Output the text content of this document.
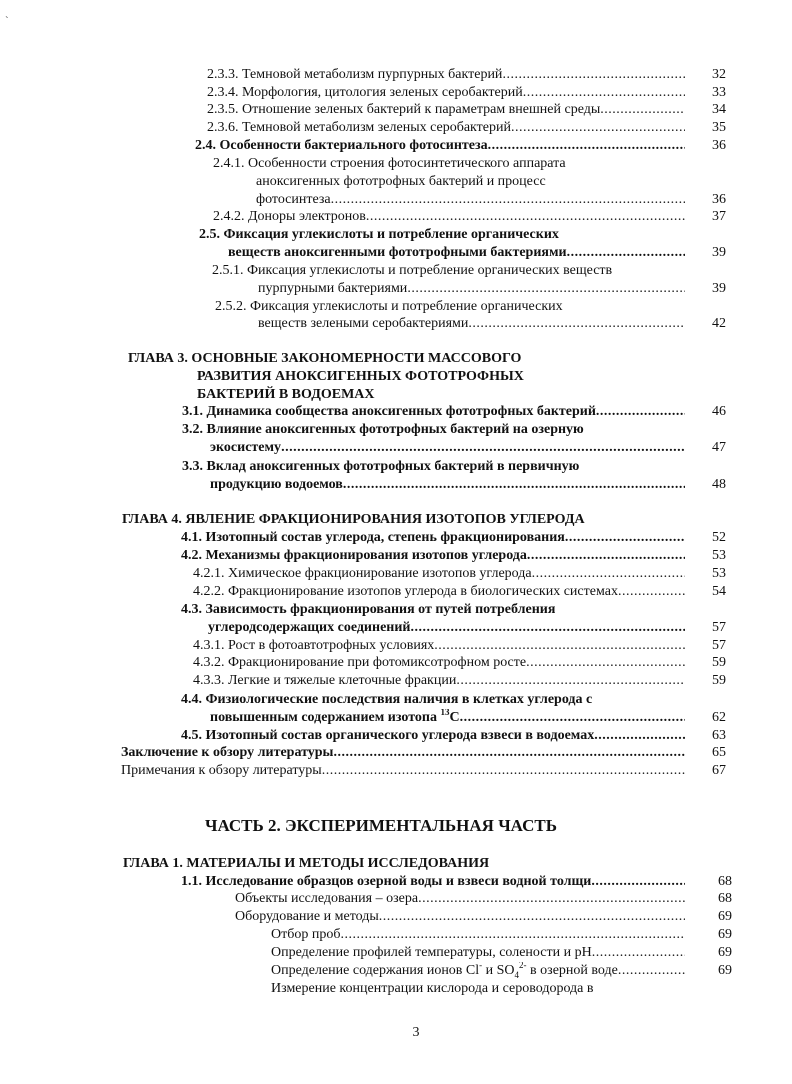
`
2.3.3. Темновой метаболизм пурпурных бактерий .....	32
2.3.4. Морфология, цитология зеленых серобактерий .....	33
2.3.5. Отношение зеленых бактерий к параметрам внешней среды .....	34
2.3.6. Темновой метаболизм зеленых серобактерий .....	35
2.4. Особенности бактериального фотосинтеза .....	36
2.4.1. Особенности строения фотосинтетического аппарата
аноксигенных фототрофных бактерий и процесс
фотосинтеза .....	36
2.4.2. Доноры электронов .....	37
2.5. Фиксация углекислоты и потребление органических
веществ аноксигенными фототрофными бактериями .....	39
2.5.1. Фиксация углекислоты и потребление органических веществ
пурпурными бактериями .....	39
2.5.2. Фиксация углекислоты и потребление органических
веществ зелеными серобактериями .....	42
ГЛАВА 3. ОСНОВНЫЕ ЗАКОНОМЕРНОСТИ МАССОВОГО
РАЗВИТИЯ АНОКСИГЕННЫХ ФОТОТРОФНЫХ
БАКТЕРИЙ В ВОДОЕМАХ
3.1. Динамика сообщества аноксигенных фототрофных бактерий .....	46
3.2. Влияние аноксигенных фототрофных бактерий на озерную
экосистему .....	47
3.3. Вклад аноксигенных фототрофных бактерий в первичную
продукцию водоемов .....	48
ГЛАВА 4. ЯВЛЕНИЕ ФРАКЦИОНИРОВАНИЯ ИЗОТОПОВ УГЛЕРОДА
4.1. Изотопный состав углерода, степень фракционирования .....	52
4.2. Механизмы фракционирования изотопов углерода .....	53
4.2.1. Химическое фракционирование изотопов углерода .....	53
4.2.2. Фракционирование изотопов углерода в биологических системах .....	54
4.3. Зависимость фракционирования от путей потребления
углеродсодержащих соединений .....	57
4.3.1. Рост в фотоавтотрофных условиях .....	57
4.3.2. Фракционирование при фотомиксотрофном росте .....	59
4.3.3. Легкие и тяжелые клеточные фракции .....	59
4.4. Физиологические последствия наличия в клетках углерода с
повышенным содержанием изотопа $^{13}$С .....	62
4.5. Изотопный состав органического углерода взвеси в водоемах .....	63
Заключение к обзору литературы .....	65
Примечания к обзору литературы .....	67
ЧАСТЬ 2. ЭКСПЕРИМЕНТАЛЬНАЯ ЧАСТЬ
ГЛАВА 1. МАТЕРИАЛЫ И МЕТОДЫ ИССЛЕДОВАНИЯ
1.1. Исследование образцов озерной воды и взвеси водной толщи .....	68
Объекты исследования – озера .....	68
Оборудование и методы .....	69
Отбор проб .....	69
Определение профилей температуры, солености и рН .....	69
Определение содержания ионов Cl- и $SO_4^{2-}$ в озерной воде .....	69
Измерение концентрации кислорода и сероводорода в
3
